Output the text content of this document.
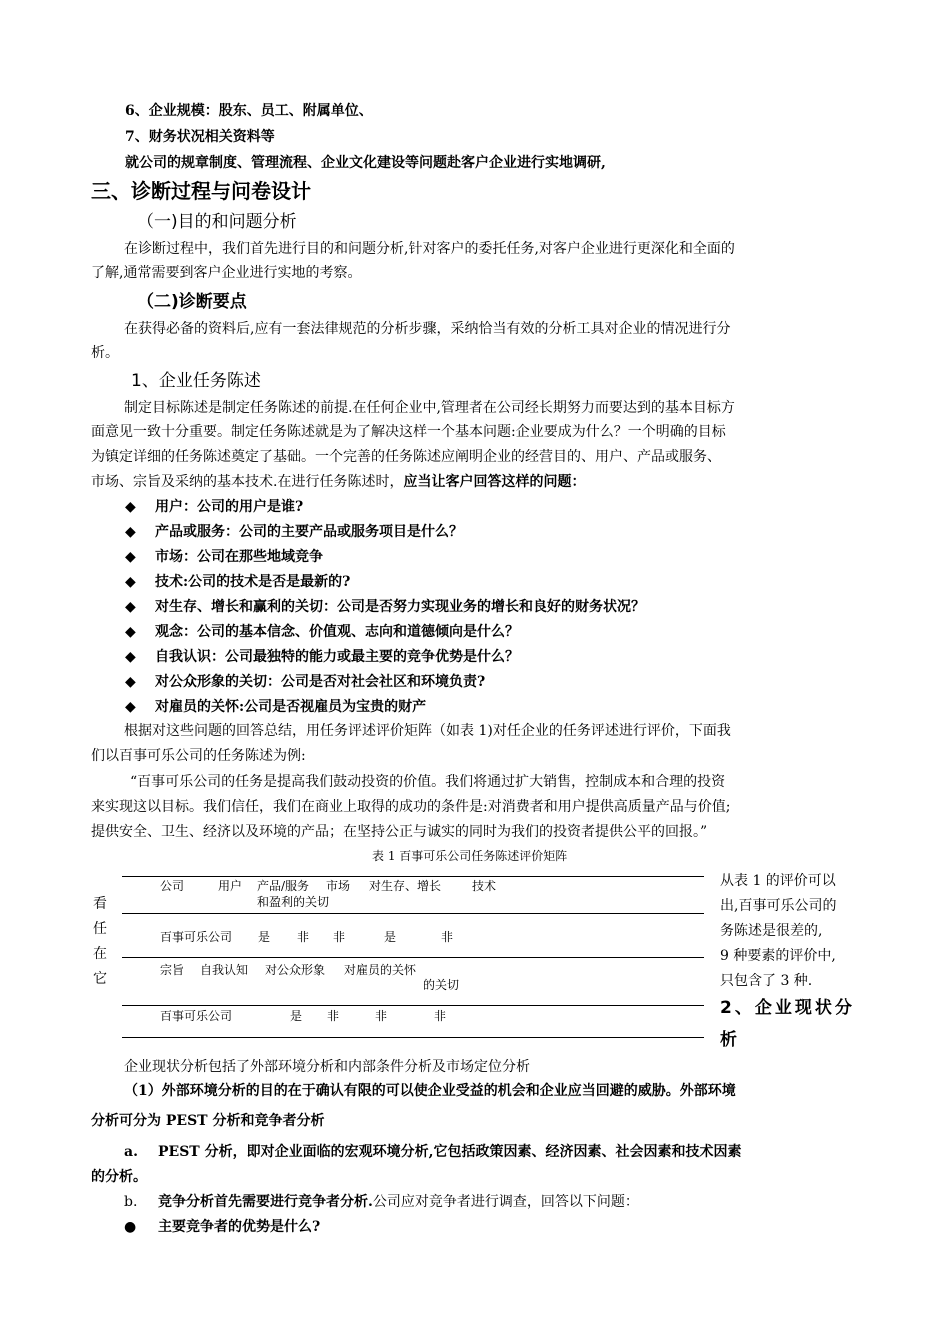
6、企业规模：股东、员工、附属单位、
7、财务状况相关资料等
就公司的规章制度、管理流程、企业文化建设等问题赴客户企业进行实地调研,
三、诊断过程与问卷设计
（一)目的和问题分析
在诊断过程中，我们首先进行目的和问题分析,针对客户的委托任务,对客户企业进行更深化和全面的
了解,通常需要到客户企业进行实地的考察。
（二)诊断要点
在获得必备的资料后,应有一套法律规范的分析步骤，采纳恰当有效的分析工具对企业的情况进行分
析。
1、企业任务陈述
制定目标陈述是制定任务陈述的前提.在任何企业中,管理者在公司经长期努力而要达到的基本目标方
面意见一致十分重要。制定任务陈述就是为了解决这样一个基本问题:企业要成为什么？一个明确的目标
为镇定详细的任务陈述奠定了基础。一个完善的任务陈述应阐明企业的经营目的、用户、产品或服务、
市场、宗旨及采纳的基本技术.在进行任务陈述时，应当让客户回答这样的问题：
◆ 用户：公司的用户是谁?
◆ 产品或服务：公司的主要产品或服务项目是什么？
◆ 市场：公司在那些地域竞争
◆ 技术:公司的技术是否是最新的?
◆ 对生存、增长和赢利的关切：公司是否努力实现业务的增长和良好的财务状况？
◆ 观念：公司的基本信念、价值观、志向和道德倾向是什么？
◆ 自我认识：公司最独特的能力或最主要的竞争优势是什么？
◆ 对公众形象的关切：公司是否对社会社区和环境负责?
◆ 对雇员的关怀:公司是否视雇员为宝贵的财产
根据对这些问题的回答总结，用任务评述评价矩阵（如表 1)对任企业的任务评述进行评价，下面我
们以百事可乐公司的任务陈述为例:
“百事可乐公司的任务是提高我们鼓动投资的价值。我们将通过扩大销售，控制成本和合理的投资
来实现这以目标。我们信任，我们在商业上取得的成功的条件是:对消费者和用户提供高质量产品与价值;
提供安全、卫生、经济以及环境的产品；在坚持公正与诚实的同时为我们的投资者提供公平的回报。”
表 1 百事可乐公司任务陈述评价矩阵
看
任
在
它
公司	用户 产品/服务 市场 对生存、增长	技术
和盈利的关切
百事可乐公司 是 非 非	是	非
宗旨 自我认知 对公众形象 对雇员的关怀
的关切
百事可乐公司	是 非	非	非
从表 1 的评价可以
出,百事可乐公司的
务陈述是很差的,
9 种要素的评价中,
只包含了 3 种.
2、企业现状分
析
企业现状分析包括了外部环境分析和内部条件分析及市场定位分析
（1）外部环境分析的目的在于确认有限的可以使企业受益的机会和企业应当回避的威胁。外部环境
分析可分为 PEST 分析和竞争者分析
a. PEST 分析，即对企业面临的宏观环境分析,它包括政策因素、经济因素、社会因素和技术因素
的分析。
b. 竞争分析首先需要进行竞争者分析.公司应对竞争者进行调查，回答以下问题：
● 主要竞争者的优势是什么?
